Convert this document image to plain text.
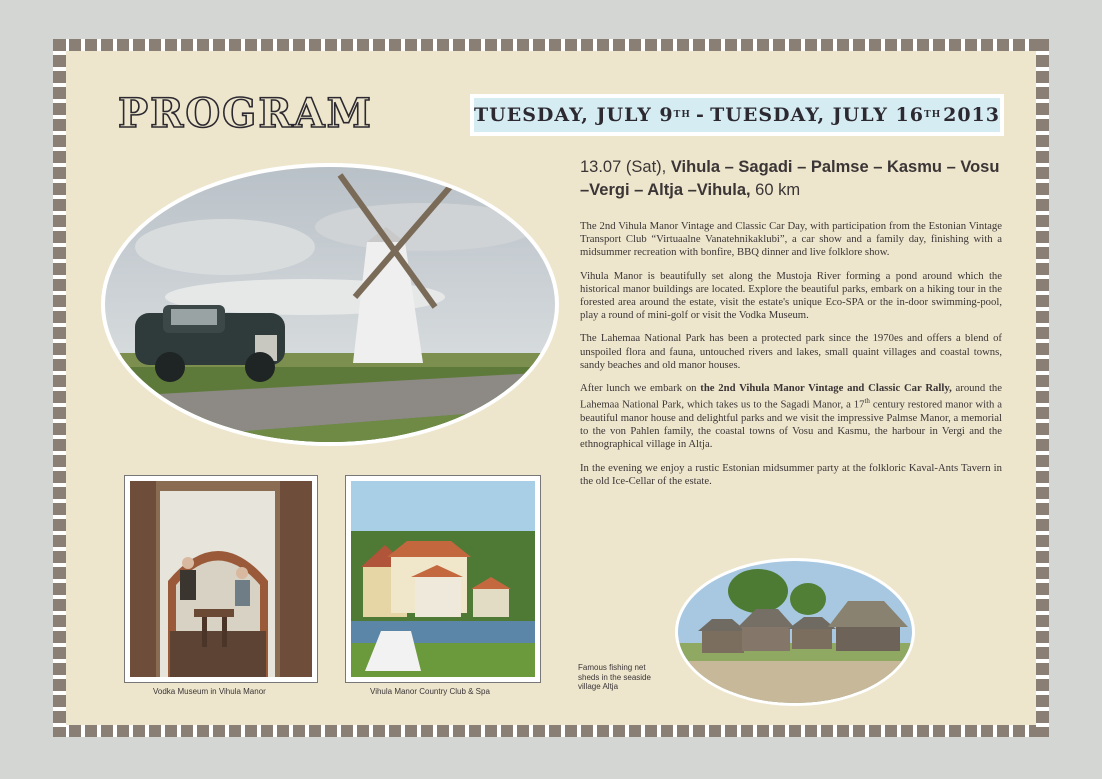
PROGRAM	TUESDAY, JULY 9 TH - TUESDAY, JULY 16 TH 2013
13.07 (Sat), Vihula – Sagadi – Palmse – Kasmu – Vosu –Vergi – Altja –Vihula, 60 km

The 2nd Vihula Manor Vintage and Classic Car Day, with participation from the Estonian Vintage Transport Club “Virtuaalne Vanatehnikaklubi”, a car show and a family day, finishing with a midsummer recreation with bonfire, BBQ dinner and live folklore show.

Vihula Manor is beautifully set along the Mustoja River forming a pond around which the historical manor buildings are located. Explore the beautiful parks, embark on a hiking tour in the forested area around the estate, visit the estate's unique Eco-SPA or the in-door swimming-pool, play a round of mini-golf or visit the Vodka Museum.

The Lahemaa National Park has been a protected park since the 1970es and offers a blend of unspoiled flora and fauna, untouched rivers and lakes, small quaint villages and coastal towns, sandy beaches and old manor houses.

After lunch we embark on the 2nd Vihula Manor Vintage and Classic Car Rally, around the Lahemaa National Park, which takes us to the Sagadi Manor, a 17th century restored manor with a beautiful manor house and delightful parks and we visit the impressive Palmse Manor, a memorial to the von Pahlen family, the coastal towns of Vosu and Kasmu, the harbour in Vergi and the ethnographical village in Altja.

In the evening we enjoy a rustic Estonian midsummer party at the folkloric Kaval-Ants Tavern in the old Ice-Cellar of the estate.

Vodka Museum in Vihula Manor	Vihula Manor Country Club & Spa
Famous fishing net sheds in the seaside village Altja
